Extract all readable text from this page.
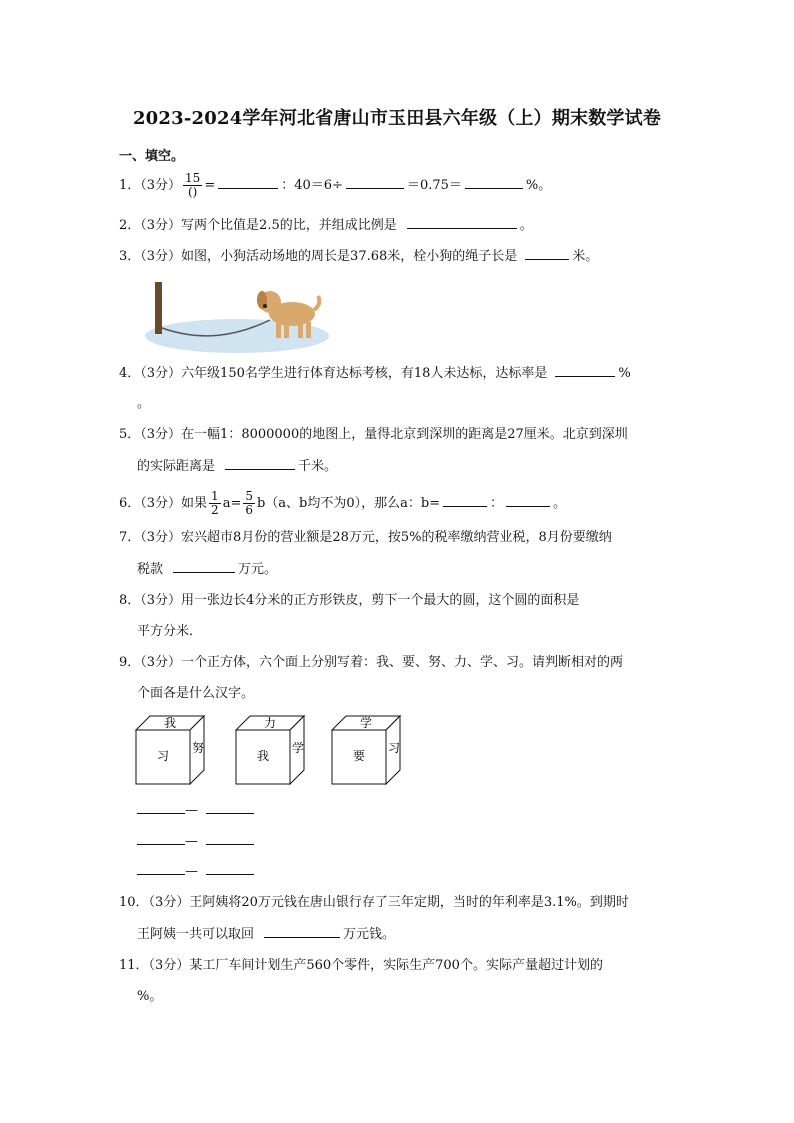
2023-2024学年河北省唐山市玉田县六年级（上）期末数学试卷
一、填空。
1．（3分） $\frac{15}{()}$ =	：40＝6÷	＝0.75＝	%。
2．（3分）写两个比值是2.5的比，并组成比例是	。
3．（3分）如图，小狗活动场地的周长是37.68米，栓小狗的绳子长是	米。
4．（3分）六年级150名学生进行体育达标考核，有18人未达标，达标率是	%
。
5．（3分）在一幅1：8000000的地图上，量得北京到深圳的距离是27厘米。北京到深圳
的实际距离是	千米。
6．（3分）如果 $\frac{1}{2} a= \frac{5}{6} b(a$、b均不为0），那么a：b=	：	。
7．（3分）宏兴超市8月份的营业额是28万元，按5%的税率缴纳营业税，8月份要缴纳
税款	万元。
8．（3分）用一张边长4分米的正方形铁皮，剪下一个最大的圆，这个圆的面积是
平方分米．
9．（3分）一个正方体，六个面上分别写着：我、要、努、力、学、习。请判断相对的两
个面各是什么汉字。
我
习
努
力
我
学
学
要
习
—
—
—
10．（3分）王阿姨将20万元钱在唐山银行存了三年定期，当时的年利率是3.1%。到期时
王阿姨一共可以取回	万元钱。
11．（3分）某工厂车间计划生产560个零件，实际生产700个。实际产量超过计划的
%。
